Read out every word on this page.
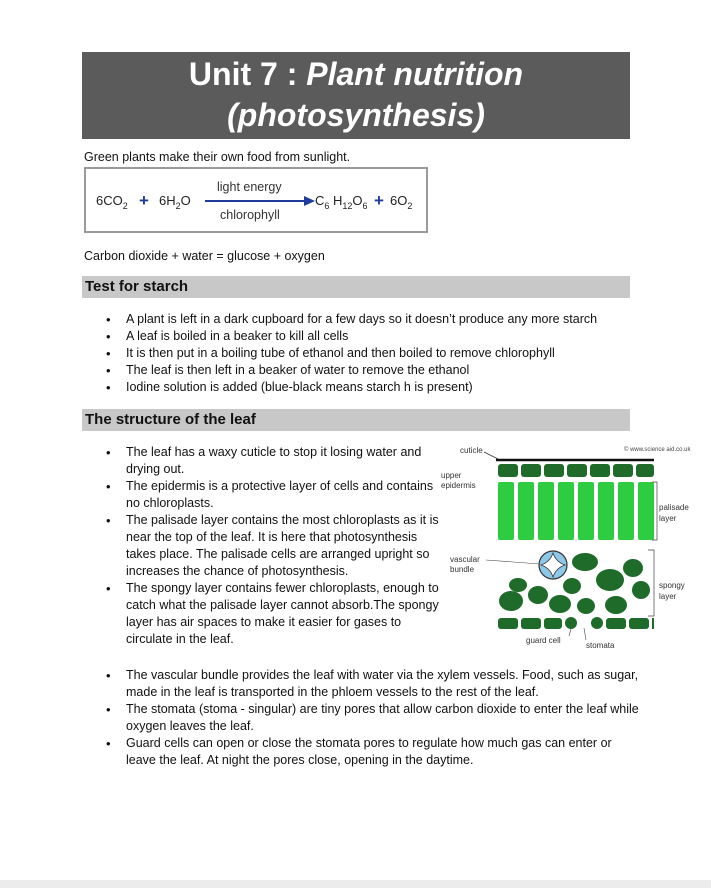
Unit 7 : Plant nutrition
(photosynthesis)
Green plants make their own food from sunlight.
$6CO_2 + 6H_2O$
light energy
chlorophyll
$C_6$ $H_{12}O_6 + 6O_2$
Carbon dioxide + water = glucose + oxygen
Test for starch
• A plant is left in a dark cupboard for a few days so it doesn’t produce any more starch
• A leaf is boiled in a beaker to kill all cells
• It is then put in a boiling tube of ethanol and then boiled to remove chlorophyll
• The leaf is then left in a beaker of water to remove the ethanol
• Iodine solution is added (blue-black means starch h is present)
The structure of the leaf
• The leaf has a waxy cuticle to stop it losing water and drying out.
• The epidermis is a protective layer of cells and contains no chloroplasts.
• The palisade layer contains the most chloroplasts as it is near the top of the leaf. It is here that photosynthesis takes place. The palisade cells are arranged upright so increases the chance of photosynthesis.
• The spongy layer contains fewer chloroplasts, enough to catch what the palisade layer cannot absorb.The spongy layer has air spaces to make it easier for gases to circulate in the leaf.
• The vascular bundle provides the leaf with water via the xylem vessels. Food, such as sugar, made in the leaf is transported in the phloem vessels to the rest of the leaf.
• The stomata (stoma - singular) are tiny pores that allow carbon dioxide to enter the leaf while oxygen leaves the leaf.
• Guard cells can open or close the stomata pores to regulate how much gas can enter or leave the leaf. At night the pores close, opening in the daytime.
© www.science aid.co.uk
cuticle
upper
epidermis
palisade
layer
vascular
bundle
spongy
layer
guard cell
stomata
